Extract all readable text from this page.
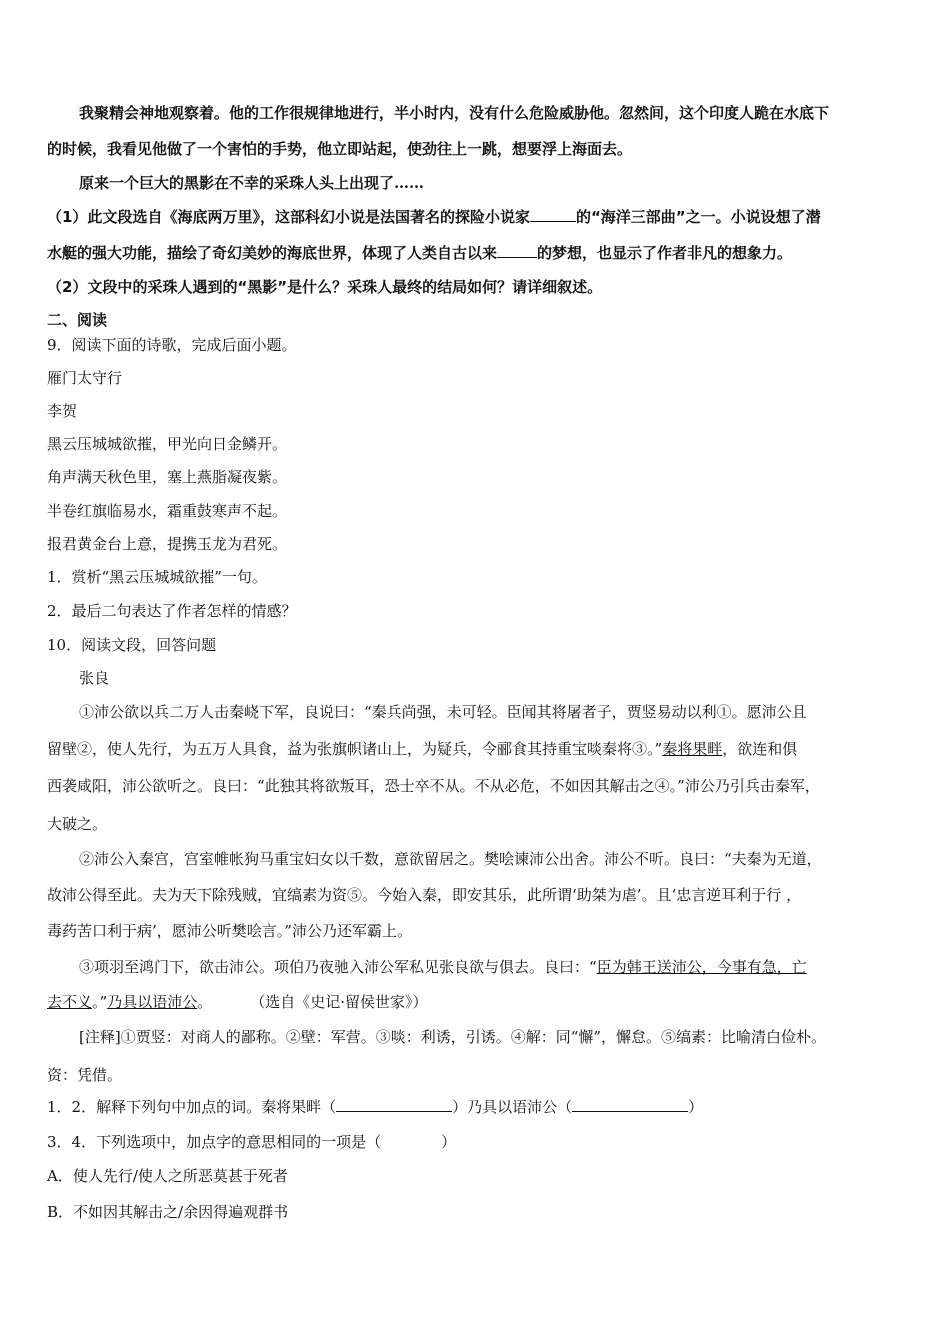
我聚精会神地观察着。他的工作很规律地进行，半小时内，没有什么危险威胁他。忽然间，这个印度人跪在水底下
的时候，我看见他做了一个害怕的手势，他立即站起，使劲往上一跳，想要浮上海面去。
原来一个巨大的黑影在不幸的采珠人头上出现了……
（1）此文段选自《海底两万里》，这部科幻小说是法国著名的探险小说家	的“海洋三部曲”之一。小说设想了潜
水艇的强大功能，描绘了奇幻美妙的海底世界，体现了人类自古以来	的梦想，也显示了作者非凡的想象力。
（2）文段中的采珠人遇到的“黑影”是什么？采珠人最终的结局如何？请详细叙述。
二、阅读
9．阅读下面的诗歌，完成后面小题。
雁门太守行
李贺
黑云压城城欲摧，甲光向日金鳞开。
角声满天秋色里，塞上燕脂凝夜紫。
半卷红旗临易水，霜重鼓寒声不起。
报君黄金台上意，提携玉龙为君死。
1．赏析“黑云压城城欲摧”一句。
2．最后二句表达了作者怎样的情感？
10．阅读文段，回答问题
张良
①沛公欲以兵二万人击秦峣下军，良说曰：“秦兵尚强，未可轻。臣闻其将屠者子，贾竖易动以利①。愿沛公且
留壁②，使人先行，为五万人具食，益为张旗帜诸山上，为疑兵，令郦食其持重宝啖秦将③。”秦将果畔，欲连和俱
西袭咸阳，沛公欲听之。良曰：“此独其将欲叛耳，恐士卒不从。不从必危，不如因其解击之④。”沛公乃引兵击秦军，
大破之。
②沛公入秦宫，宫室帷帐狗马重宝妇女以千数，意欲留居之。樊哙谏沛公出舍。沛公不听。良曰：“夫秦为无道，
故沛公得至此。夫为天下除残贼，宜缟素为资⑤。今始入秦，即安其乐，此所谓‘助桀为虐’。且‘忠言逆耳利于行 ，
毒药苦口利于病’，愿沛公听樊哙言。”沛公乃还军霸上。
③项羽至鸿门下，欲击沛公。项伯乃夜驰入沛公军私见张良欲与俱去。良曰：“臣为韩王送沛公，今事有急，亡
去不义。”乃具以语沛公。	（选自《史记·留侯世家》）
[注释]①贾竖：对商人的鄙称。②壁：军营。③啖：利诱，引诱。④解：同“懈”，懈怠。⑤缟素：比喻清白俭朴。
资：凭借。
1．2．解释下列句中加点的词。秦将果畔（	）乃具以语沛公（	）
3．4．下列选项中，加点字的意思相同的一项是（　　　　）
A．使人先行/使人之所恶莫甚于死者
B．不如因其解击之/余因得遍观群书
